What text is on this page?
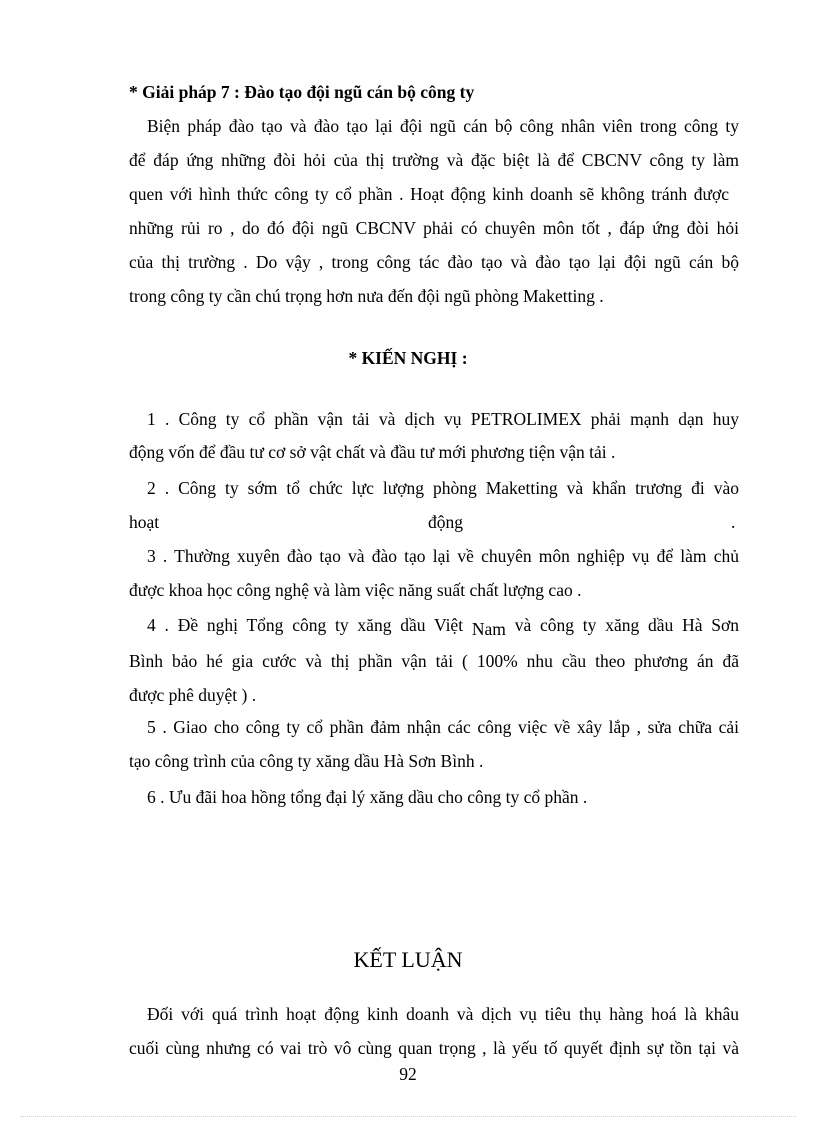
* Giải pháp 7 : Đào tạo đội ngũ cán bộ công ty
Biện pháp đào tạo và đào tạo lại đội ngũ cán bộ công nhân viên trong công ty
để đáp ứng những đòi hỏi của thị trường và đặc biệt là để CBCNV công ty làm
quen với hình thức công ty cổ phần . Hoạt động kinh doanh sẽ không tránh được
những rủi ro , do đó đội ngũ CBCNV phải có chuyên môn tốt , đáp ứng đòi hỏi
của thị trường . Do vậy , trong công tác đào tạo và đào tạo lại đội ngũ cán bộ
trong công ty cần chú trọng hơn nưa đến đội ngũ phòng Maketting .
* KIẾN NGHỊ :
1 . Công ty cổ phần vận tải và dịch vụ PETROLIMEX phải mạnh dạn huy
động vốn để đầu tư cơ sở vật chất và đầu tư mới phương tiện vận tải .
2 . Công ty sớm tổ chức lực lượng phòng Maketting và khẩn trương đi vào
hoạt	động	.
3 . Thường xuyên đào tạo và đào tạo lại về chuyên môn nghiệp vụ để làm chủ
được khoa học công nghệ và làm việc năng suất chất lượng cao .
4 . Đề nghị Tổng công ty xăng dầu Việt Nam và công ty xăng dầu Hà Sơn
Bình bảo hé gia cước và thị phần vận tải ( 100% nhu cầu theo phương án đã
được phê duyệt ) .
5 . Giao cho công ty cổ phần đảm nhận các công việc về xây lắp , sửa chữa cải
tạo công trình của công ty xăng dầu Hà Sơn Bình .
6 . Ưu đãi hoa hồng tổng đại lý xăng dầu cho công ty cổ phần .
KẾT LUẬN
Đối với quá trình hoạt động kinh doanh và dịch vụ tiêu thụ hàng hoá là khâu
cuối cùng nhưng có vai trò vô cùng quan trọng , là yếu tố quyết định sự tồn tại và
92
